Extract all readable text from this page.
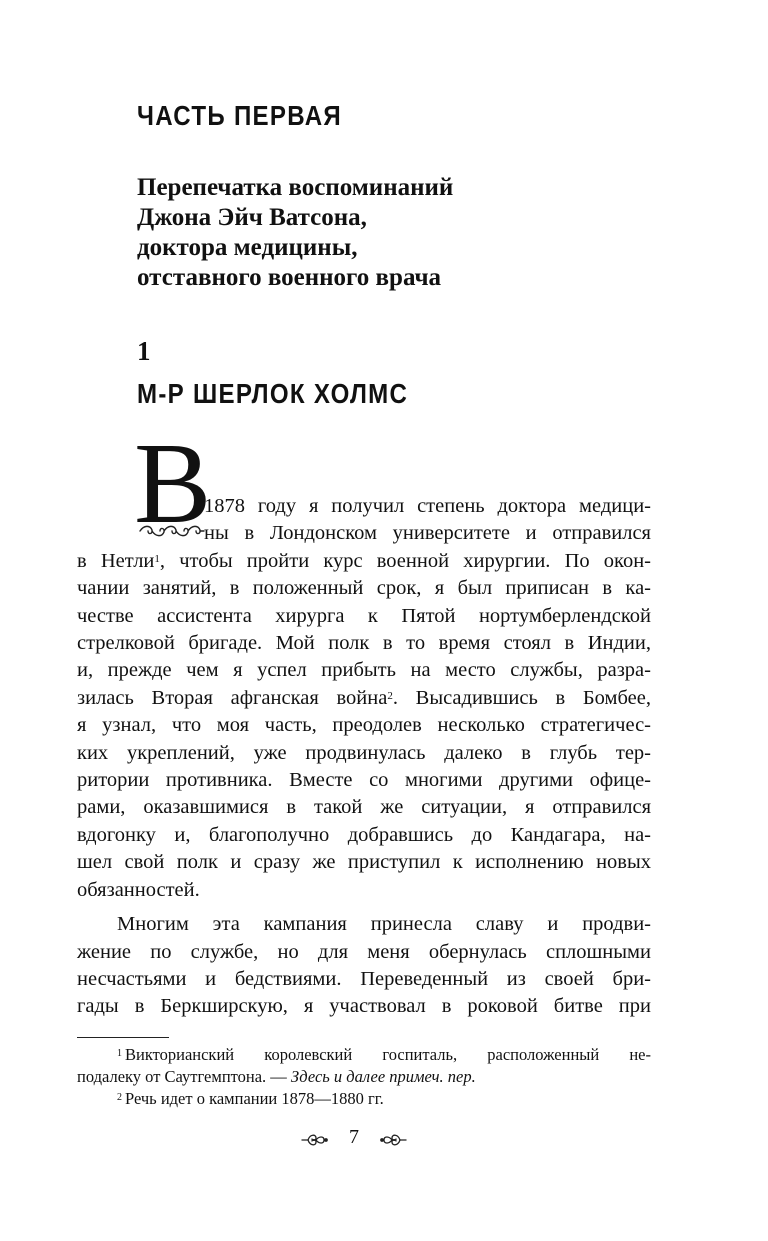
ЧАСТЬ ПЕРВАЯ
Перепечатка воспоминаний
Джона Эйч Ватсона,
доктора медицины,
отставного военного врача
1
М-Р ШЕРЛОК ХОЛМС
В
1878 году я получил степень доктора медици-
ны в Лондонском университете и отправился
в Нетли$^1$, чтобы пройти курс военной хирургии. По окон-
чании занятий, в положенный срок, я был приписан в ка-
честве ассистента хирурга к Пятой нортумберлендской
стрелковой бригаде. Мой полк в то время стоял в Индии,
и, прежде чем я успел прибыть на место службы, разра-
зилась Вторая афганская война$^2$. Высадившись в Бомбее,
я узнал, что моя часть, преодолев несколько стратегичес-
ких укреплений, уже продвинулась далеко в глубь тер-
ритории противника. Вместе со многими другими офице-
рами, оказавшимися в такой же ситуации, я отправился
вдогонку и, благополучно добравшись до Кандагара, на-
шел свой полк и сразу же приступил к исполнению новых
обязанностей.
Многим эта кампания принесла славу и продви-
жение по службе, но для меня обернулась сплошными
несчастьями и бедствиями. Переведенный из своей бри-
гады в Беркширскую, я участвовал в роковой битве при
$^1$ Викторианский королевский госпиталь, расположенный не-
подалеку от Саутгемптона. — Здесь и далее примеч. пер.
$^2$ Речь идет о кампании 1878—1880 гг.
7
